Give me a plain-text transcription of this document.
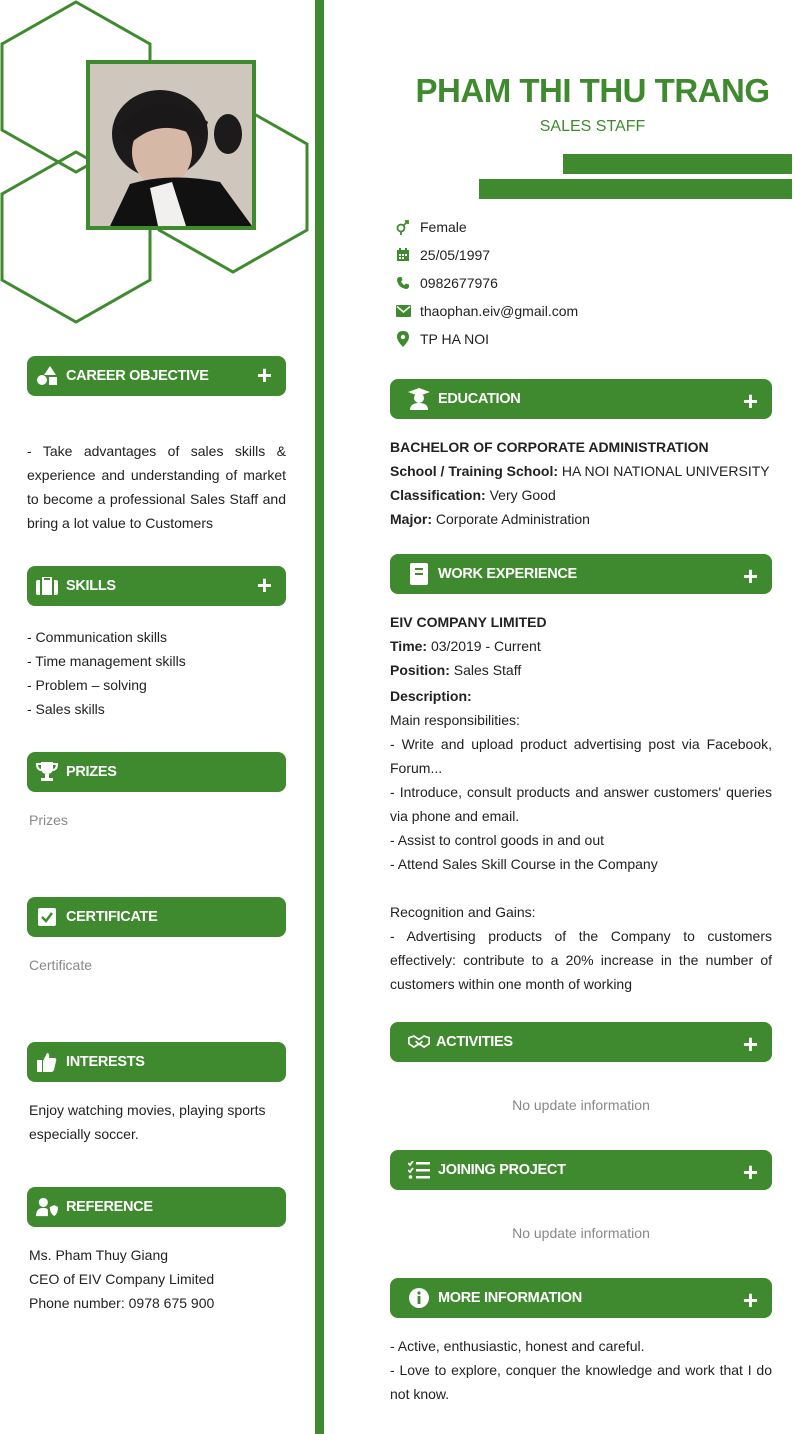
PHAM THI THU TRANG
SALES STAFF
Female
25/05/1997
0982677976
thaophan.eiv@gmail.com
TP HA NOI
CAREER OBJECTIVE +
- Take advantages of sales skills & experience and understanding of market to become a professional Sales Staff and bring a lot value to Customers
SKILLS	+
- Communication skills
- Time management skills
- Problem – solving
- Sales skills
PRIZES
Prizes
CERTIFICATE
Certificate
INTERESTS
Enjoy watching movies, playing sports
especially soccer.
REFERENCE
Ms. Pham Thuy Giang
CEO of EIV Company Limited
Phone number: 0978 675 900
EDUCATION	+
BACHELOR OF CORPORATE ADMINISTRATION
School / Training School: HA NOI NATIONAL UNIVERSITY
Classification: Very Good
Major: Corporate Administration
WORK EXPERIENCE	+
EIV COMPANY LIMITED
Time: 03/2019 - Current
Position: Sales Staff
Description:
Main responsibilities:
- Write and upload product advertising post via Facebook, Forum...
- Introduce, consult products and answer customers' queries via phone and email.
- Assist to control goods in and out
- Attend Sales Skill Course in the Company
Recognition and Gains:
- Advertising products of the Company to customers effectively: contribute to a 20% increase in the number of customers within one month of working
ACTIVITIES	+
No update information
JOINING PROJECT	+
No update information
MORE INFORMATION	+
- Active, enthusiastic, honest and careful.
- Love to explore, conquer the knowledge and work that I do not know.
